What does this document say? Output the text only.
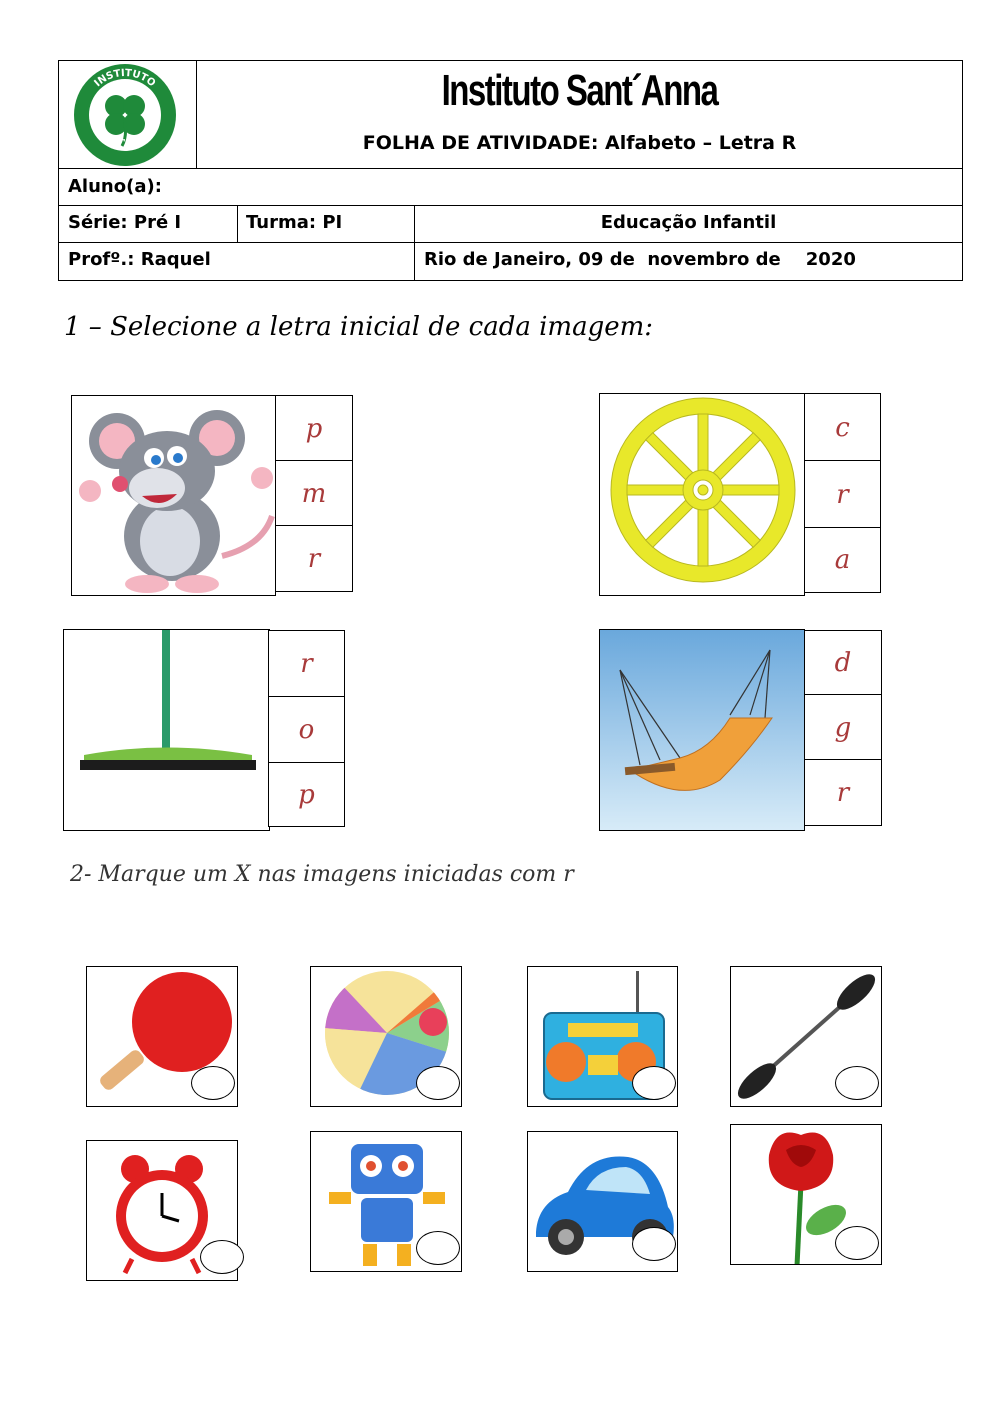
INSTITUTO
SANT'ANNA
Instituto Sant´Anna
FOLHA DE ATIVIDADE: Alfabeto – Letra R
Aluno(a):
Série: Pré I	Turma: PI	Educação Infantil
Profº.: Raquel	Rio de Janeiro, 09 de  novembro de    2020
1 – Selecione a letra inicial de cada imagem:
p
m
r
c
r
a
r
o
p
d
g
r
2- Marque um X nas imagens iniciadas com r
